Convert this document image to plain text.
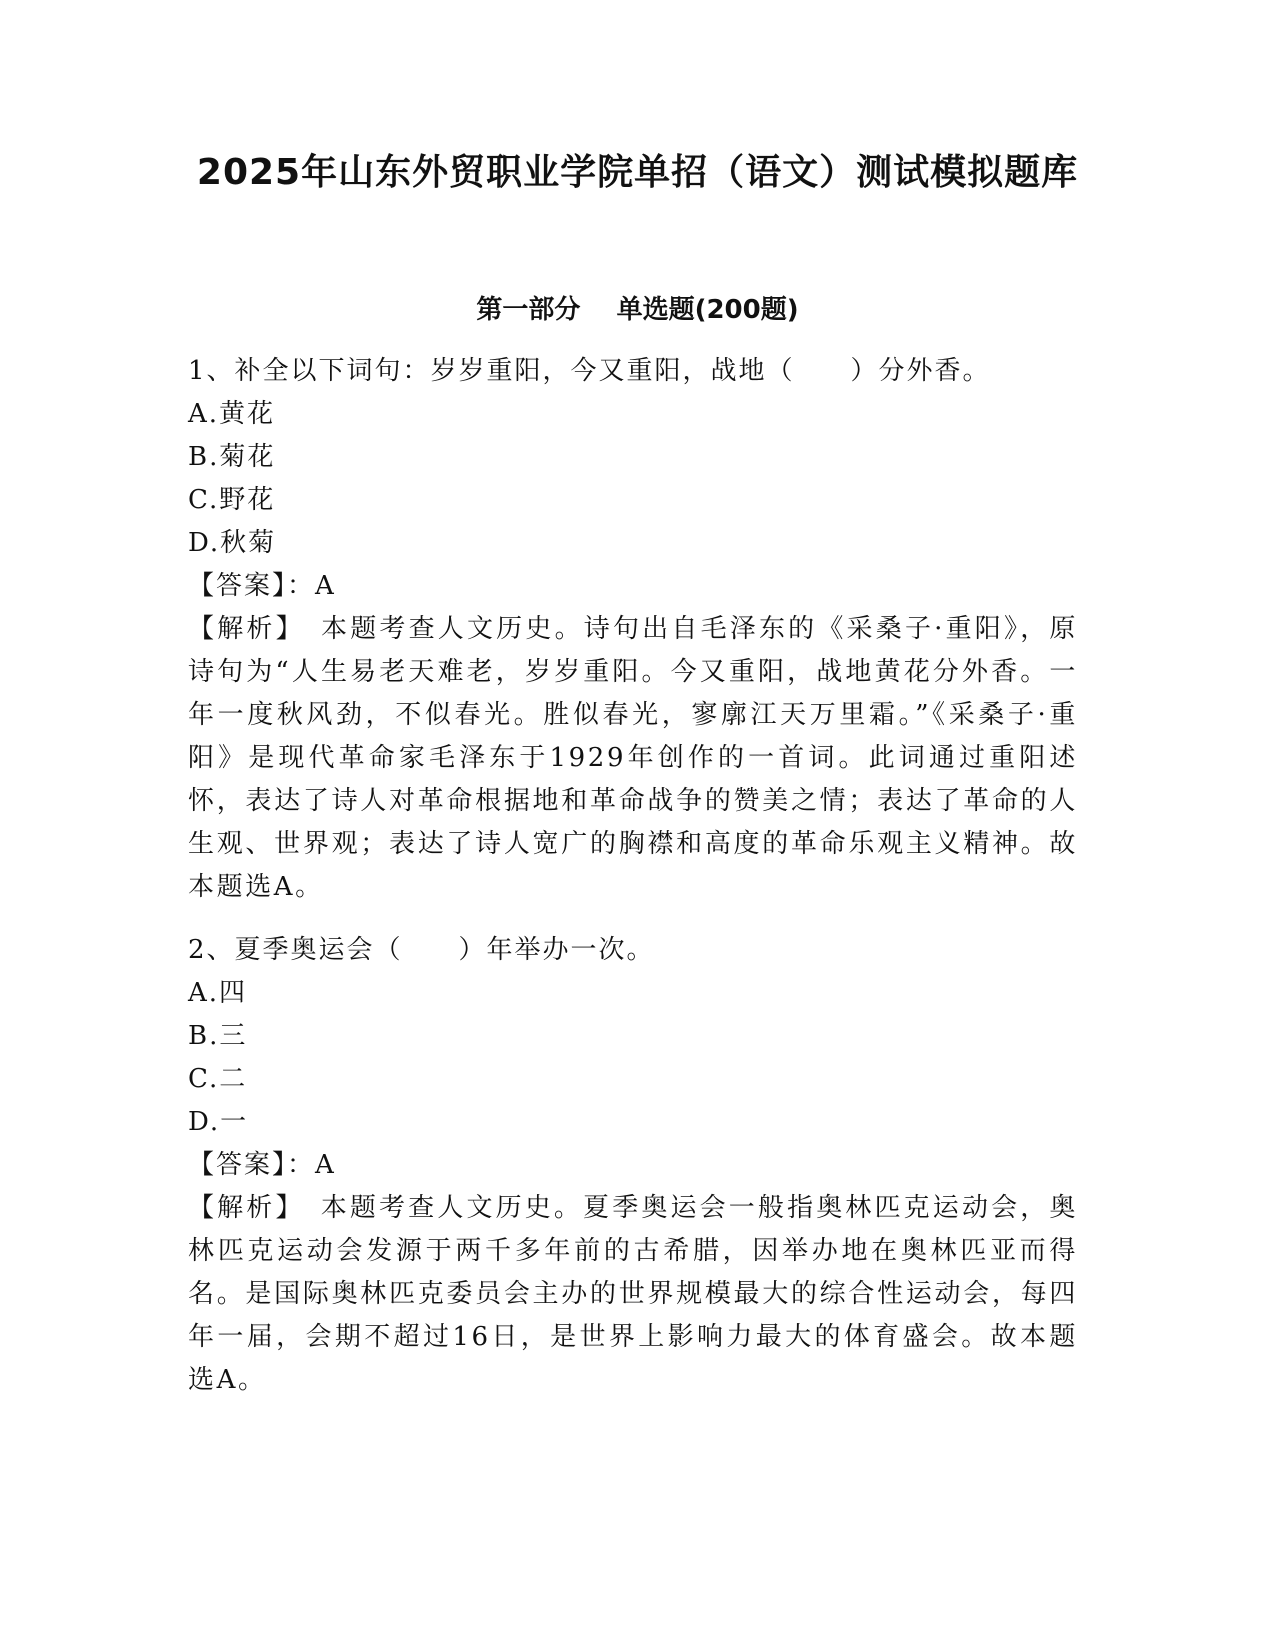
2025年山东外贸职业学院单招（语文）测试模拟题库
第一部分    单选题(200题)
1、补全以下词句：岁岁重阳，今又重阳，战地（　　）分外香。
A.黄花
B.菊花
C.野花
D.秋菊
【答案】：A
【解析】　本题考查人文历史。诗句出自毛泽东的《采桑子·重阳》，原诗句为“人生易老天难老，岁岁重阳。今又重阳，战地黄花分外香。一年一度秋风劲，不似春光。胜似春光，寥廓江天万里霜。”《采桑子·重阳》是现代革命家毛泽东于1929年创作的一首词。此词通过重阳述怀，表达了诗人对革命根据地和革命战争的赞美之情；表达了革命的人生观、世界观；表达了诗人宽广的胸襟和高度的革命乐观主义精神。故本题选A。
2、夏季奥运会（　　）年举办一次。
A.四
B.三
C.二
D.一
【答案】：A
【解析】　本题考查人文历史。夏季奥运会一般指奥林匹克运动会，奥林匹克运动会发源于两千多年前的古希腊，因举办地在奥林匹亚而得名。是国际奥林匹克委员会主办的世界规模最大的综合性运动会，每四年一届，会期不超过16日，是世界上影响力最大的体育盛会。故本题选A。
